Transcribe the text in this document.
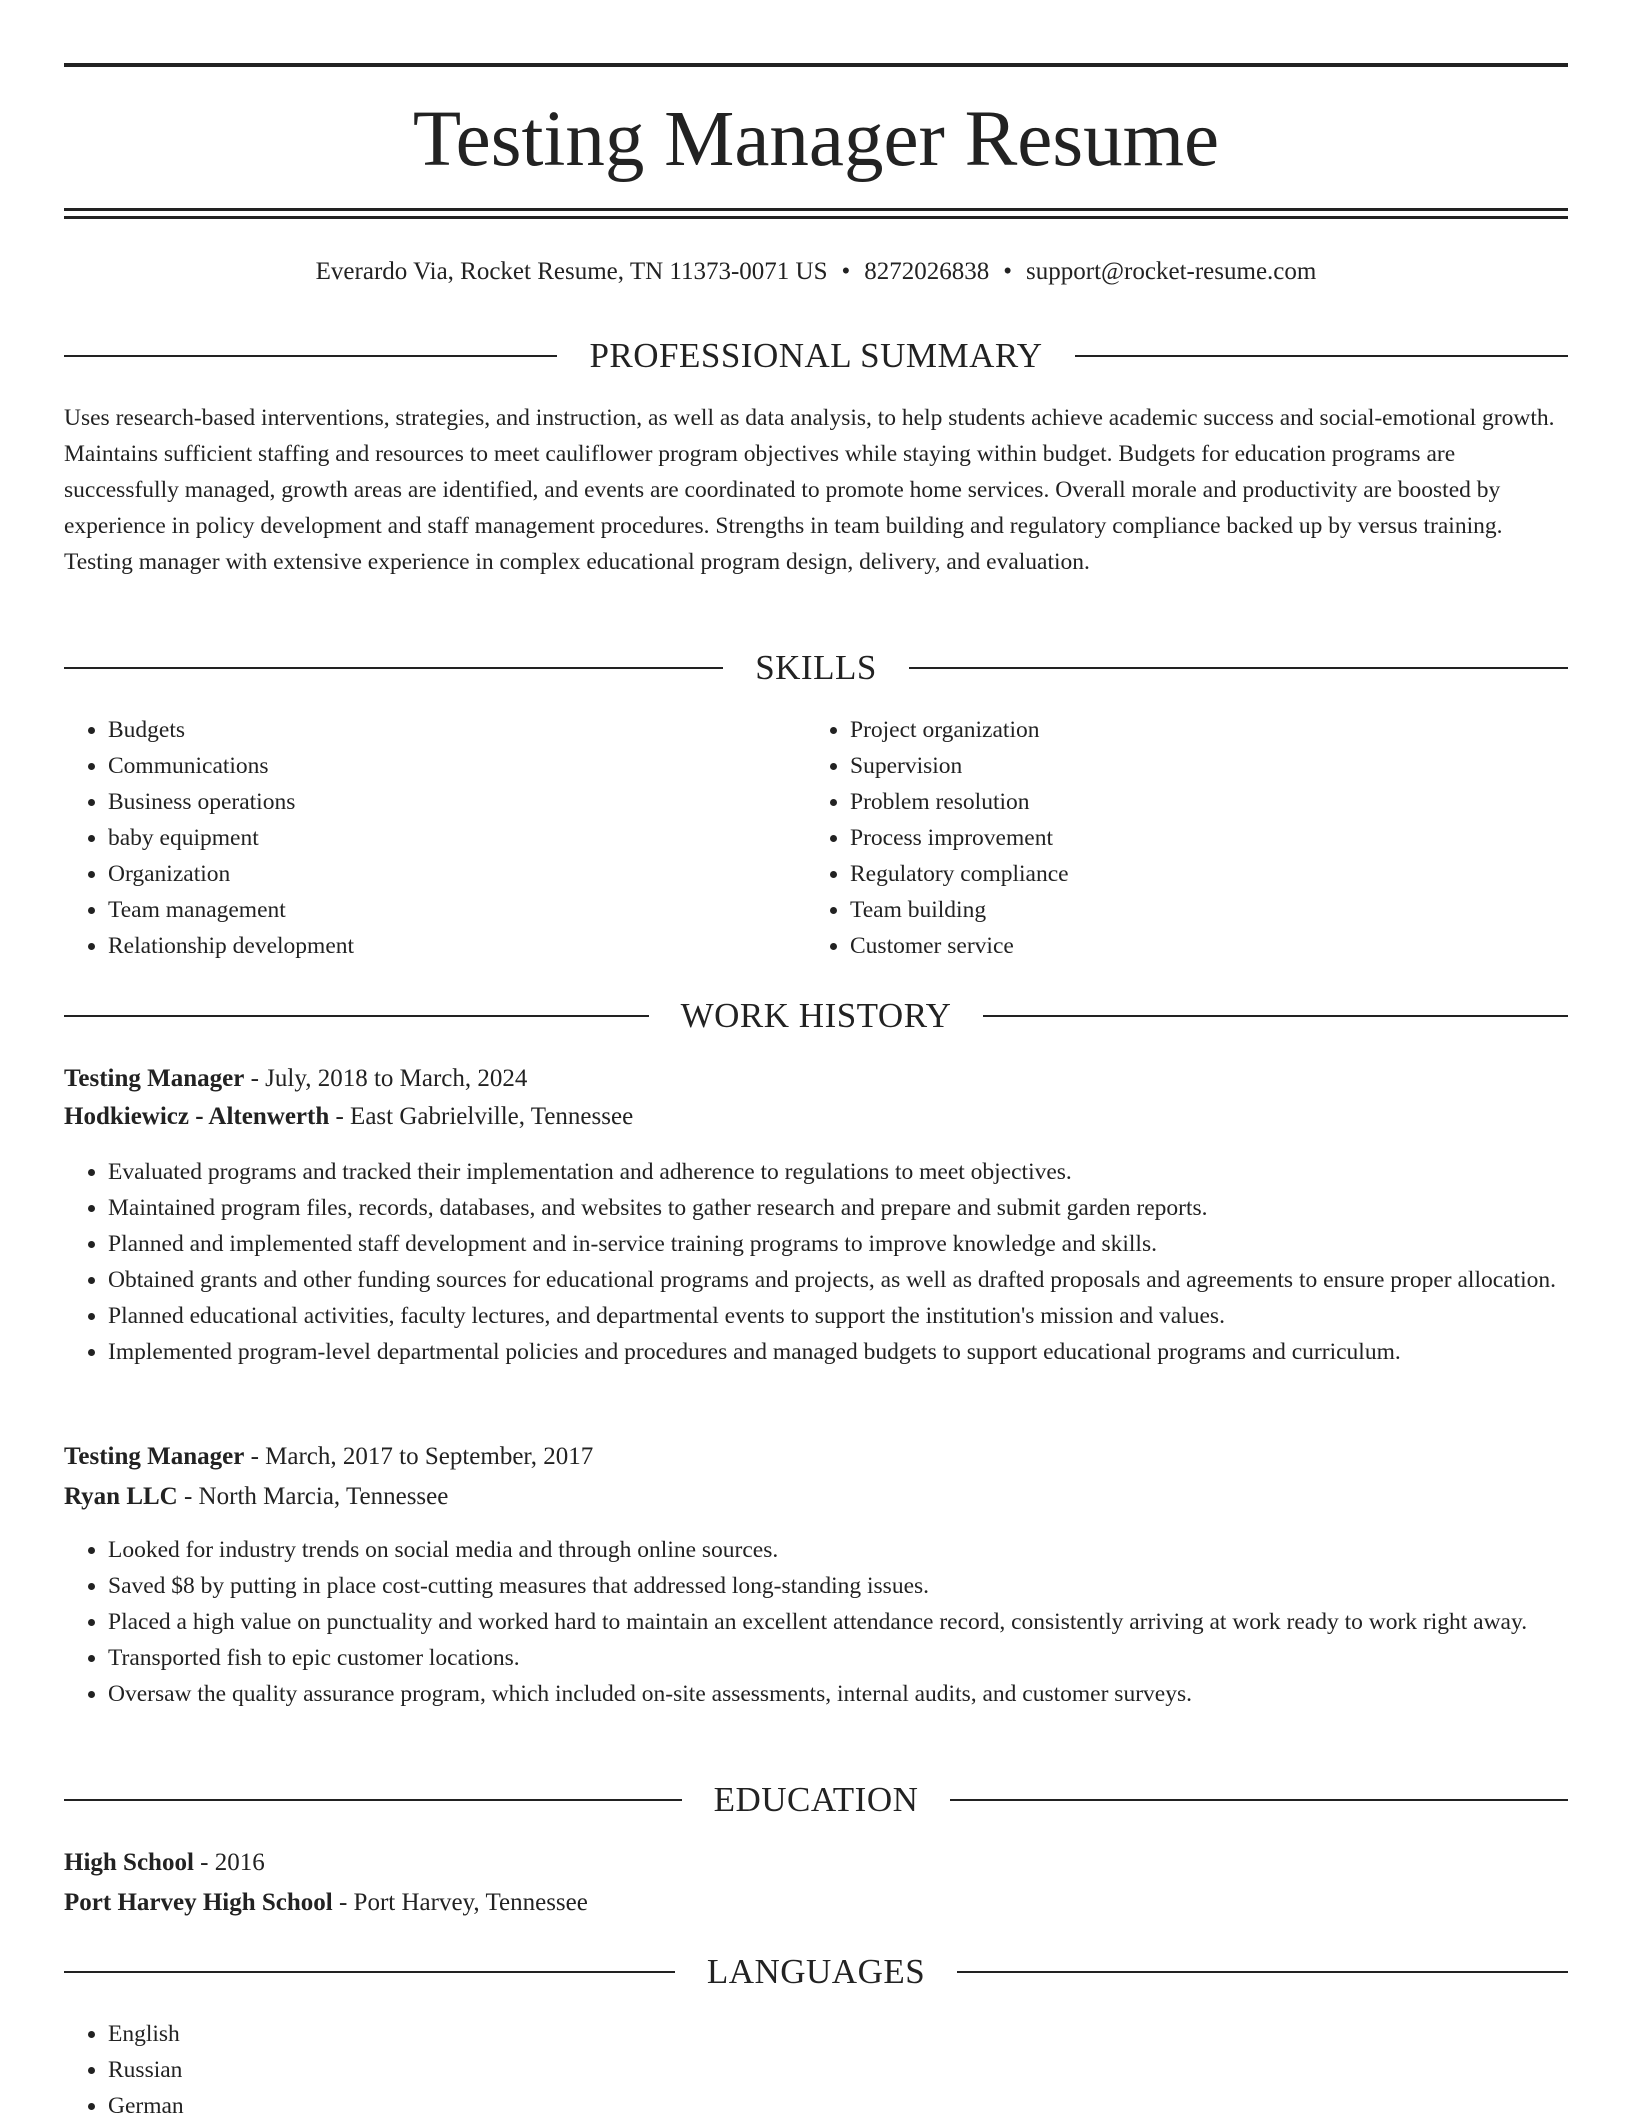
Testing Manager Resume
Everardo Via, Rocket Resume, TN 11373-0071 US • 8272026838 • support@rocket-resume.com
PROFESSIONAL SUMMARY

Uses research-based interventions, strategies, and instruction, as well as data analysis, to help students achieve academic success and social-emotional growth. Maintains sufficient staffing and resources to meet cauliflower program objectives while staying within budget. Budgets for education programs are successfully managed, growth areas are identified, and events are coordinated to promote home services. Overall morale and productivity are boosted by experience in policy development and staff management procedures. Strengths in team building and regulatory compliance backed up by versus training. Testing manager with extensive experience in complex educational program design, delivery, and evaluation.

SKILLS
• Budgets
• Communications
• Business operations
• baby equipment
• Organization
• Team management
• Relationship development
• Project organization
• Supervision
• Problem resolution
• Process improvement
• Regulatory compliance
• Team building
• Customer service
WORK HISTORY
Testing Manager - July, 2018 to March, 2024
Hodkiewicz - Altenwerth - East Gabrielville, Tennessee
• Evaluated programs and tracked their implementation and adherence to regulations to meet objectives.
• Maintained program files, records, databases, and websites to gather research and prepare and submit garden reports.
• Planned and implemented staff development and in-service training programs to improve knowledge and skills.
• Obtained grants and other funding sources for educational programs and projects, as well as drafted proposals and agreements to ensure proper allocation.
• Planned educational activities, faculty lectures, and departmental events to support the institution's mission and values.
• Implemented program-level departmental policies and procedures and managed budgets to support educational programs and curriculum.
Testing Manager - March, 2017 to September, 2017
Ryan LLC - North Marcia, Tennessee
• Looked for industry trends on social media and through online sources.
• Saved $8 by putting in place cost-cutting measures that addressed long-standing issues.
• Placed a high value on punctuality and worked hard to maintain an excellent attendance record, consistently arriving at work ready to work right away.
• Transported fish to epic customer locations.
• Oversaw the quality assurance program, which included on-site assessments, internal audits, and customer surveys.
EDUCATION
High School - 2016
Port Harvey High School - Port Harvey, Tennessee
LANGUAGES
• English
• Russian
• German
